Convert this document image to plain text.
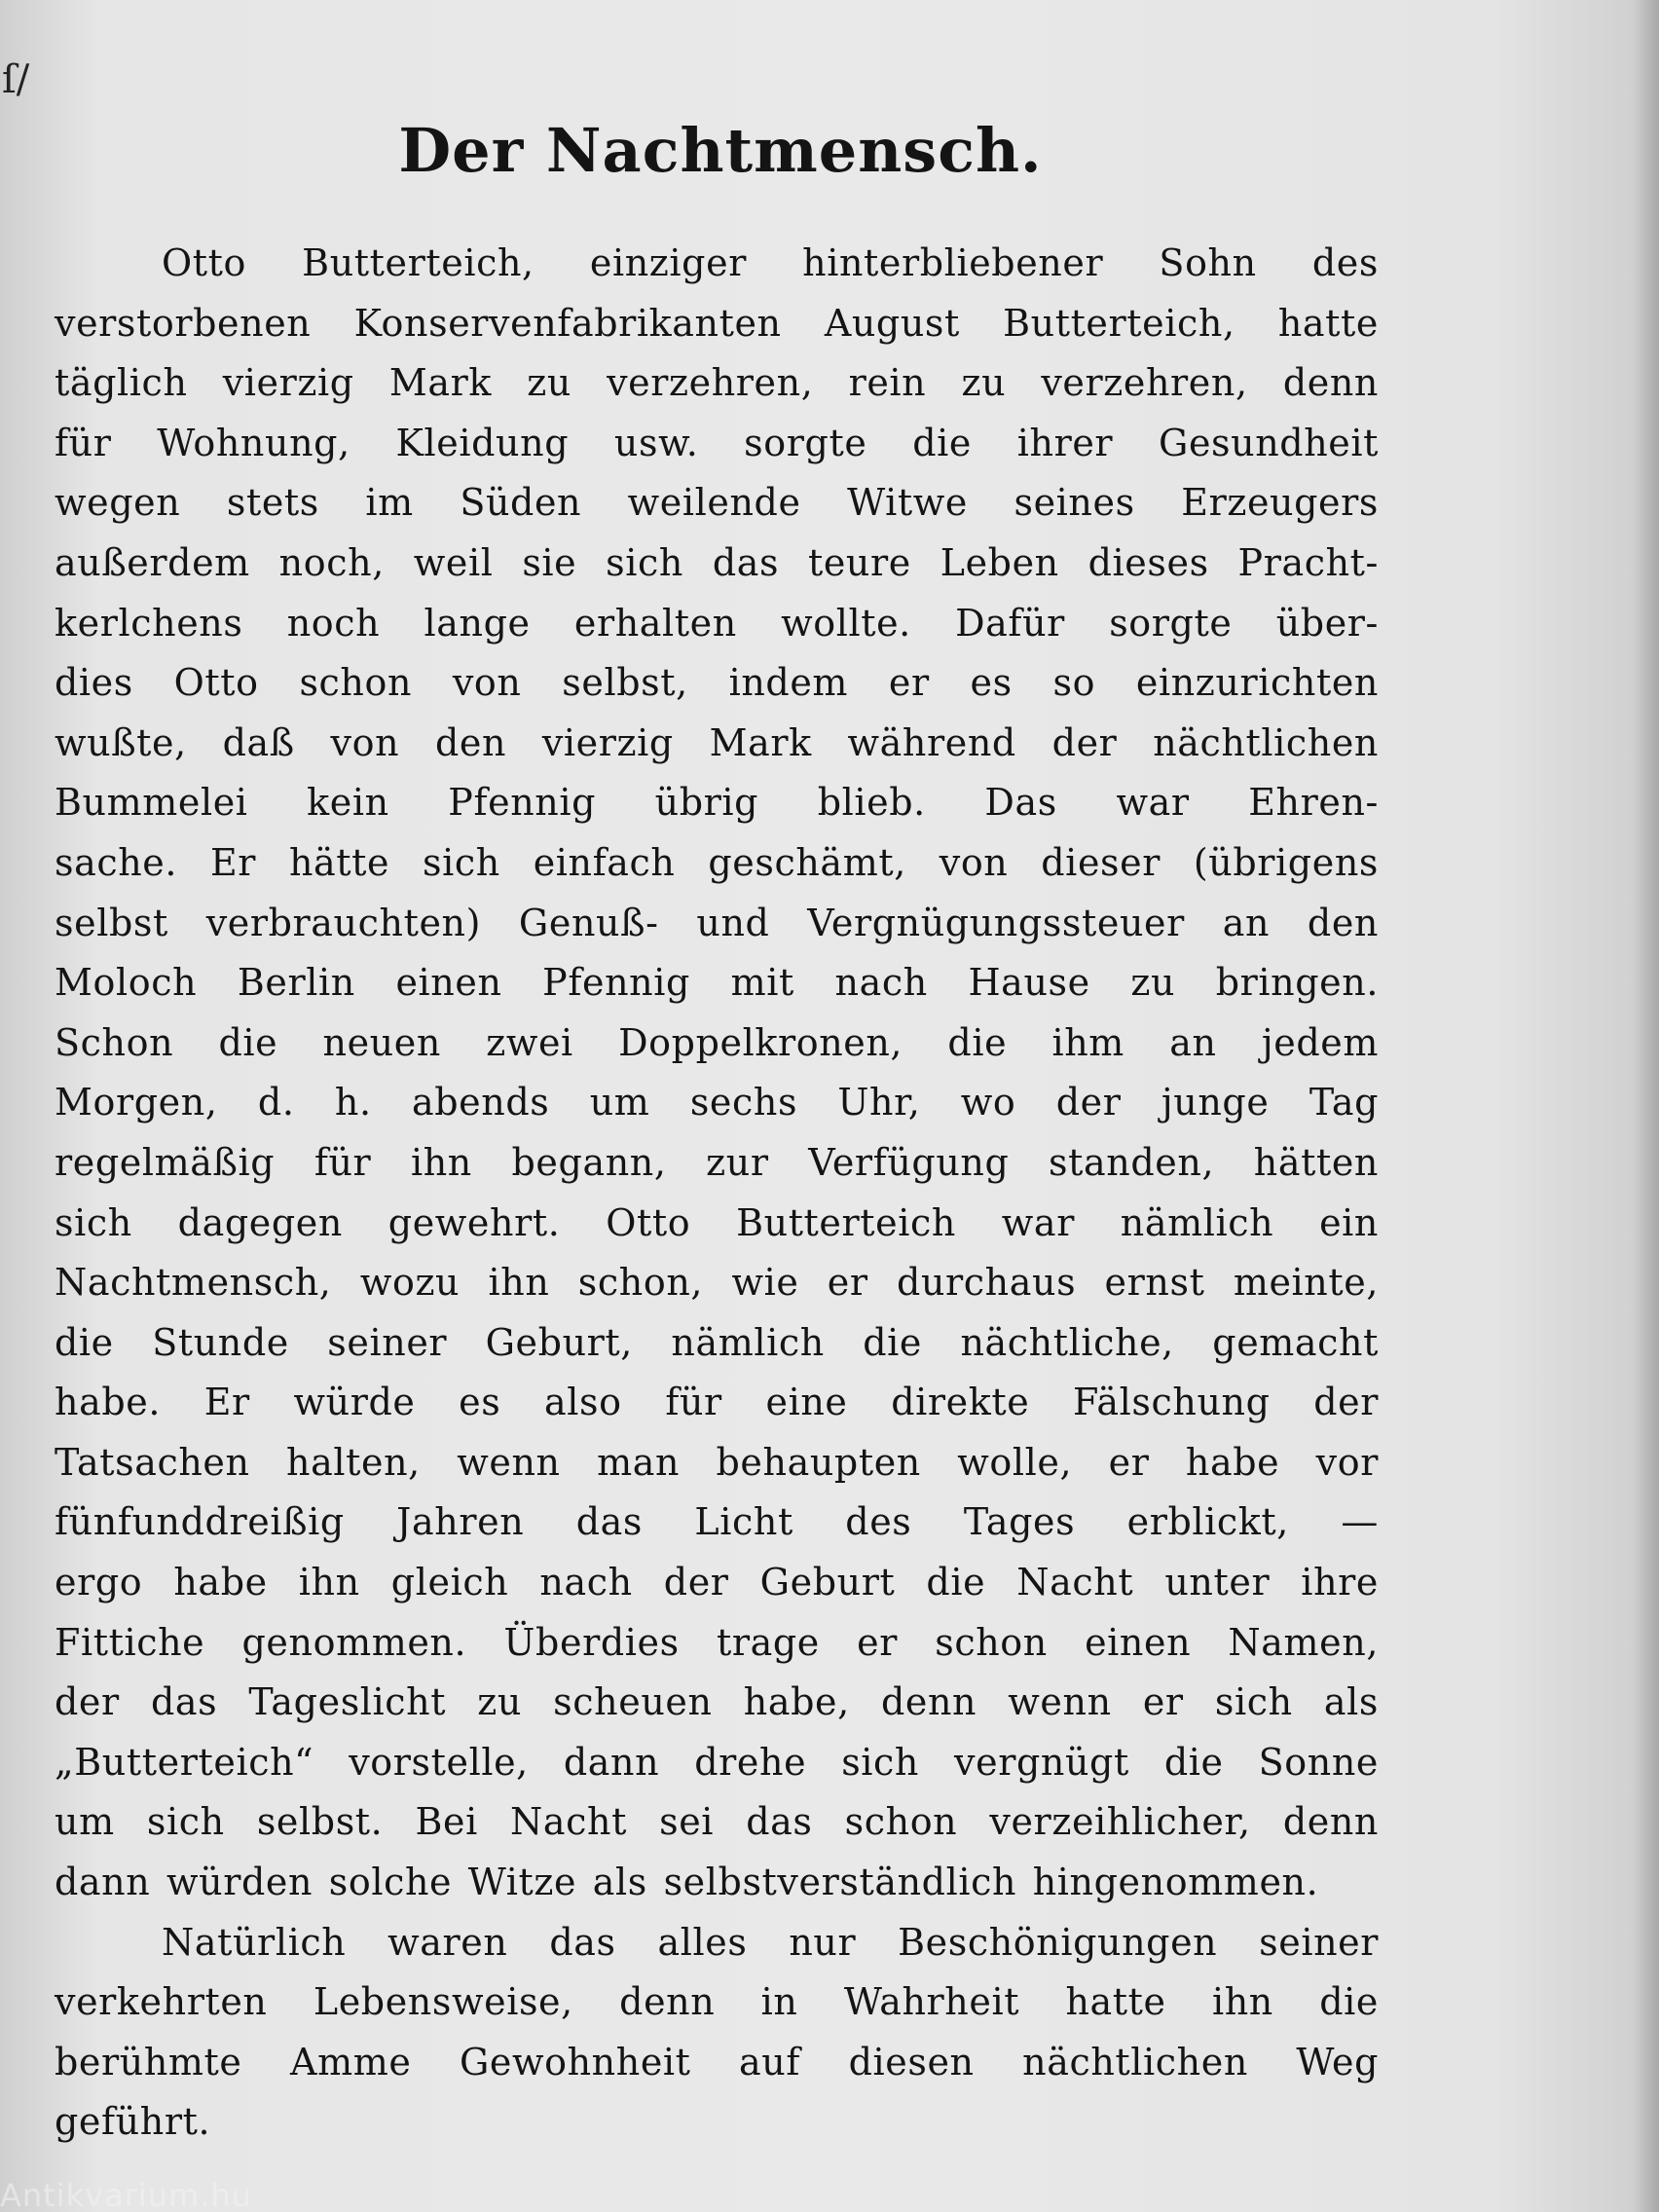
ſ/
Der Nachtmensch.
Otto Butterteich, einziger hinterbliebener Sohn des
verstorbenen Konservenfabrikanten August Butterteich, hatte
täglich vierzig Mark zu verzehren, rein zu verzehren, denn
für Wohnung, Kleidung usw. sorgte die ihrer Gesundheit
wegen stets im Süden weilende Witwe seines Erzeugers
außerdem noch, weil sie sich das teure Leben dieses Pracht-
kerlchens noch lange erhalten wollte. Dafür sorgte über-
dies Otto schon von selbst, indem er es so einzurichten
wußte, daß von den vierzig Mark während der nächtlichen
Bummelei kein Pfennig übrig blieb. Das war Ehren-
sache. Er hätte sich einfach geschämt, von dieser (übrigens
selbst verbrauchten) Genuß- und Vergnügungssteuer an den
Moloch Berlin einen Pfennig mit nach Hause zu bringen.
Schon die neuen zwei Doppelkronen, die ihm an jedem
Morgen, d. h. abends um sechs Uhr, wo der junge Tag
regelmäßig für ihn begann, zur Verfügung standen, hätten
sich dagegen gewehrt. Otto Butterteich war nämlich ein
Nachtmensch, wozu ihn schon, wie er durchaus ernst meinte,
die Stunde seiner Geburt, nämlich die nächtliche, gemacht
habe. Er würde es also für eine direkte Fälschung der
Tatsachen halten, wenn man behaupten wolle, er habe vor
fünfunddreißig Jahren das Licht des Tages erblickt, —
ergo habe ihn gleich nach der Geburt die Nacht unter ihre
Fittiche genommen. Überdies trage er schon einen Namen,
der das Tageslicht zu scheuen habe, denn wenn er sich als
„Butterteich“ vorstelle, dann drehe sich vergnügt die Sonne
um sich selbst. Bei Nacht sei das schon verzeihlicher, denn
dann würden solche Witze als selbstverständlich hingenommen.
Natürlich waren das alles nur Beschönigungen seiner
verkehrten Lebensweise, denn in Wahrheit hatte ihn die
berühmte Amme Gewohnheit auf diesen nächtlichen Weg
geführt.
Antikvarium.hu
